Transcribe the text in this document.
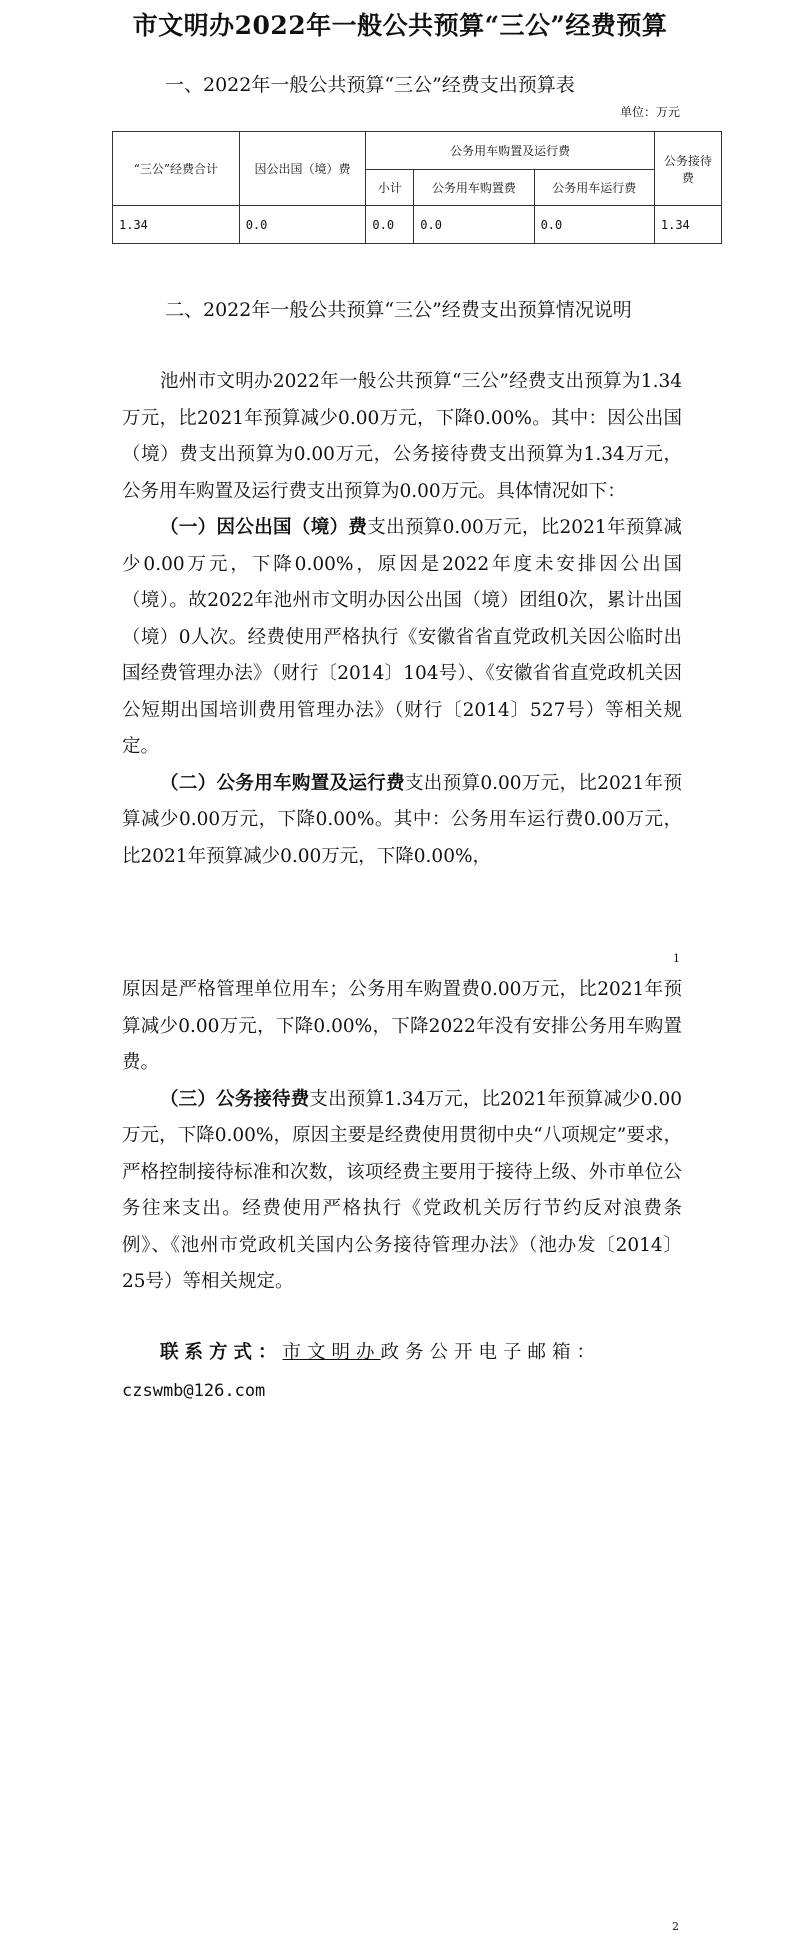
市文明办2022年一般公共预算“三公”经费预算
一、2022年一般公共预算“三公”经费支出预算表
单位：万元
“三公”经费合计	因公出国（境）费	公务用车购置及运行费			公务接待费
		小计	公务用车购置费	公务用车运行费	
1.34	0.0	0.0	0.0	0.0	1.34

二、2022年一般公共预算“三公”经费支出预算情况说明

池州市文明办2022年一般公共预算“三公”经费支出预算为1.34万元，比2021年预算减少0.00万元，下降0.00%。其中：因公出国（境）费支出预算为0.00万元，公务接待费支出预算为1.34万元，公务用车购置及运行费支出预算为0.00万元。具体情况如下：

（一）因公出国（境）费支出预算0.00万元，比2021年预算减少0.00万元，下降0.00%，原因是2022年度未安排因公出国（境）。故2022年池州市文明办因公出国（境）团组0次，累计出国（境）0人次。经费使用严格执行《安徽省省直党政机关因公临时出国经费管理办法》（财行〔2014〕104号）、《安徽省省直党政机关因公短期出国培训费用管理办法》（财行〔2014〕527号）等相关规定。

（二）公务用车购置及运行费支出预算0.00万元，比2021年预算减少0.00万元，下降0.00%。其中：公务用车运行费0.00万元，比2021年预算减少0.00万元，下降0.00%，

1

原因是严格管理单位用车；公务用车购置费0.00万元，比2021年预算减少0.00万元，下降0.00%，下降2022年没有安排公务用车购置费。

（三）公务接待费支出预算1.34万元，比2021年预算减少0.00万元，下降0.00%，原因主要是经费使用贯彻中央“八项规定”要求，严格控制接待标准和次数，该项经费主要用于接待上级、外市单位公务往来支出。经费使用严格执行《党政机关厉行节约反对浪费条例》、《池州市党政机关国内公务接待管理办法》（池办发〔2014〕25号）等相关规定。

联系方式：市文明办政务公开电子邮箱：
czswmb@126.com
2
